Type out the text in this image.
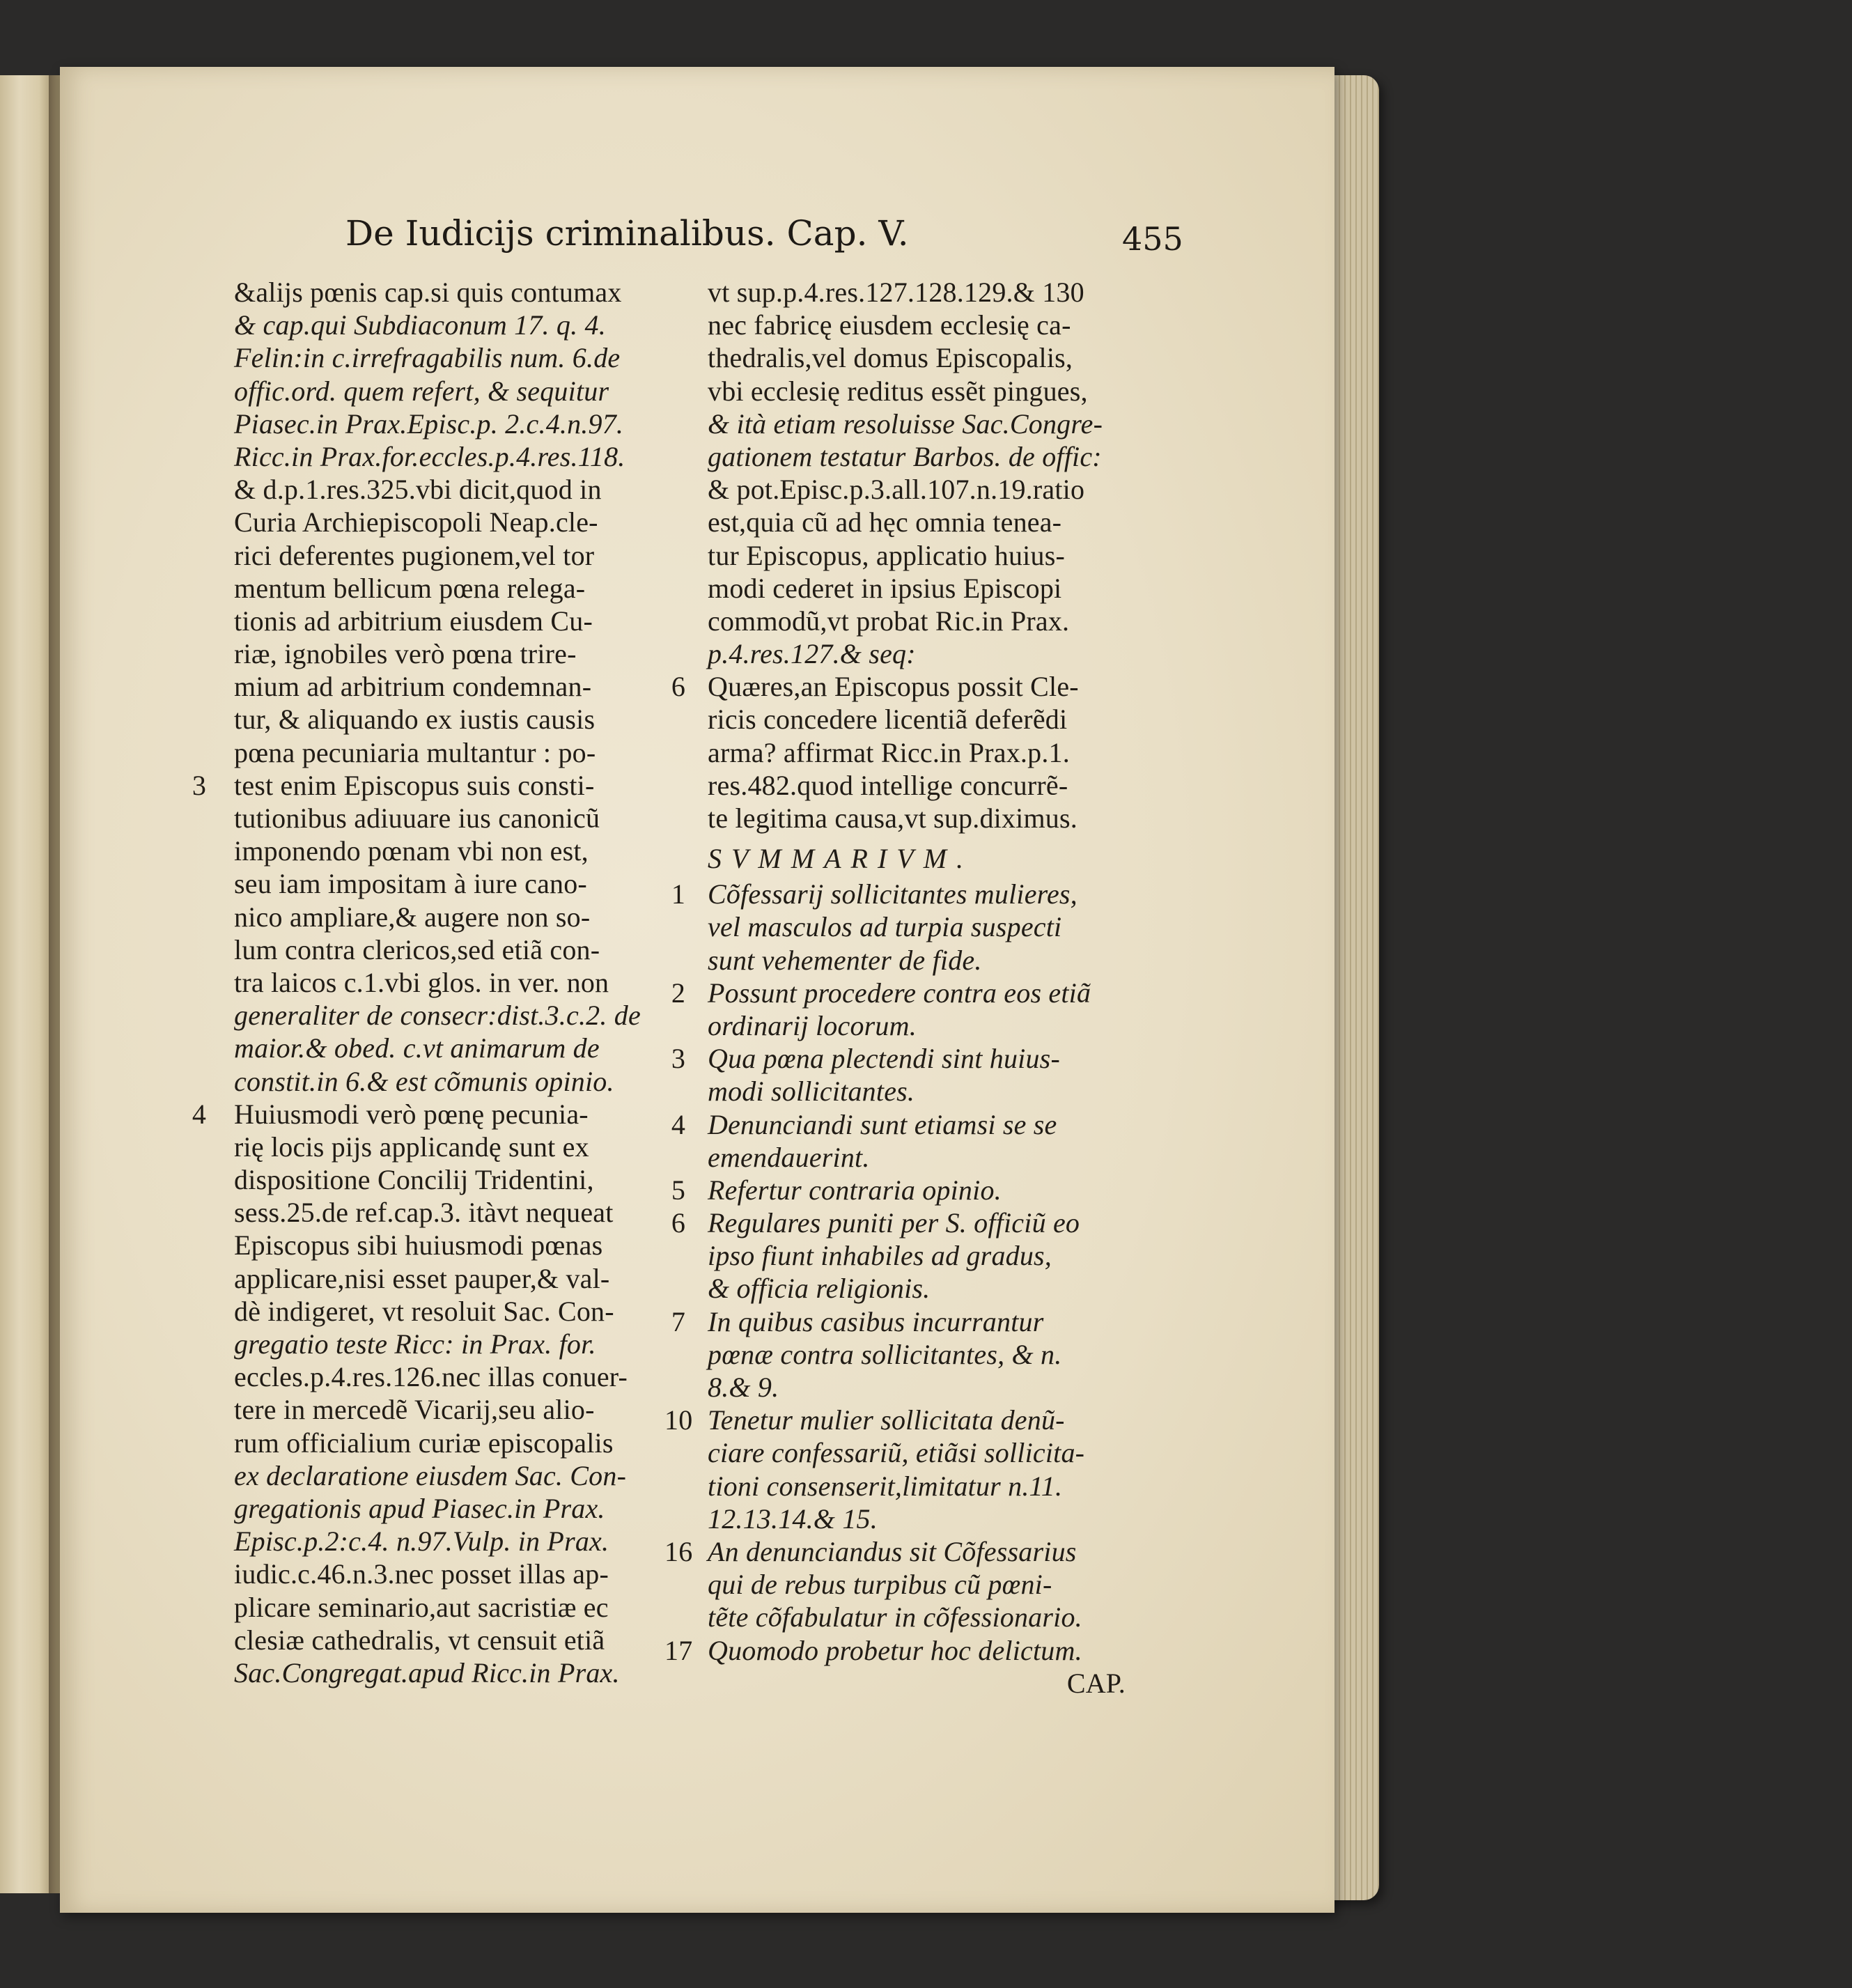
De Iudicijs criminalibus. Cap. V.	455
&alijs pœnis cap.si quis contumax
& cap.qui Subdiaconum 17. q. 4.
Felin:in c.irrefragabilis num. 6.de
offic.ord. quem refert, & sequitur
Piasec.in Prax.Episc.p. 2.c.4.n.97.
Ricc.in Prax.for.eccles.p.4.res.118.
& d.p.1.res.325.vbi dicit,quod in
Curia Archiepiscopoli Neap.cle-
rici deferentes pugionem,vel tor
mentum bellicum pœna relega-
tionis ad arbitrium eiusdem Cu-
riæ, ignobiles verò pœna trire-
mium ad arbitrium condemnan-
tur, & aliquando ex iustis causis
pœna pecuniaria multantur : po-
3 test enim Episcopus suis consti-
tutionibus adiuuare ius canonicũ
imponendo pœnam vbi non est,
seu iam impositam à iure cano-
nico ampliare,& augere non so-
lum contra clericos,sed etiã con-
tra laicos c.1.vbi glos. in ver. non
generaliter de consecr:dist.3.c.2. de
maior.& obed. c.vt animarum de
constit.in 6.& est cõmunis opinio.
4 Huiusmodi verò pœnę pecunia-
rię locis pijs applicandę sunt ex
dispositione Concilij Tridentini,
sess.25.de ref.cap.3. itàvt nequeat
Episcopus sibi huiusmodi pœnas
applicare,nisi esset pauper,& val-
dè indigeret, vt resoluit Sac. Con-
gregatio teste Ricc: in Prax. for.
eccles.p.4.res.126.nec illas conuer-
tere in mercedẽ Vicarij,seu alio-
rum officialium curiæ episcopalis
ex declaratione eiusdem Sac. Con-
gregationis apud Piasec.in Prax.
Episc.p.2:c.4. n.97.Vulp. in Prax.
iudic.c.46.n.3.nec posset illas ap-
plicare seminario,aut sacristiæ ec
clesiæ cathedralis, vt censuit etiã
Sac.Congregat.apud Ricc.in Prax.
vt sup.p.4.res.127.128.129.& 130
nec fabricę eiusdem ecclesię ca-
thedralis,vel domus Episcopalis,
vbi ecclesię reditus essẽt pingues,
& ità etiam resoluisse Sac.Congre-
gationem testatur Barbos. de offic:
& pot.Episc.p.3.all.107.n.19.ratio
est,quia cũ ad hęc omnia tenea-
tur Episcopus, applicatio huius-
modi cederet in ipsius Episcopi
commodũ,vt probat Ric.in Prax.
p.4.res.127.& seq:
6 Quæres,an Episcopus possit Cle-
ricis concedere licentiã deferẽdi
arma? affirmat Ricc.in Prax.p.1.
res.482.quod intellige concurrẽ-
te legitima causa,vt sup.diximus.
SVMMARIVM.
1 Cõfessarij sollicitantes mulieres,
vel masculos ad turpia suspecti
sunt vehementer de fide.
2 Possunt procedere contra eos etiã
ordinarij locorum.
3 Qua pœna plectendi sint huius-
modi sollicitantes.
4 Denunciandi sunt etiamsi se se
emendauerint.
5 Refertur contraria opinio.
6 Regulares puniti per S. officiũ eo
ipso fiunt inhabiles ad gradus,
& officia religionis.
7 In quibus casibus incurrantur
pœnæ contra sollicitantes, & n.
8.& 9.
10 Tenetur mulier sollicitata denũ-
ciare confessariũ, etiãsi sollicita-
tioni consenserit,limitatur n.11.
12.13.14.& 15.
16 An denunciandus sit Cõfessarius
qui de rebus turpibus cũ pœni-
tẽte cõfabulatur in cõfessionario.
17 Quomodo probetur hoc delictum.
CAP.
